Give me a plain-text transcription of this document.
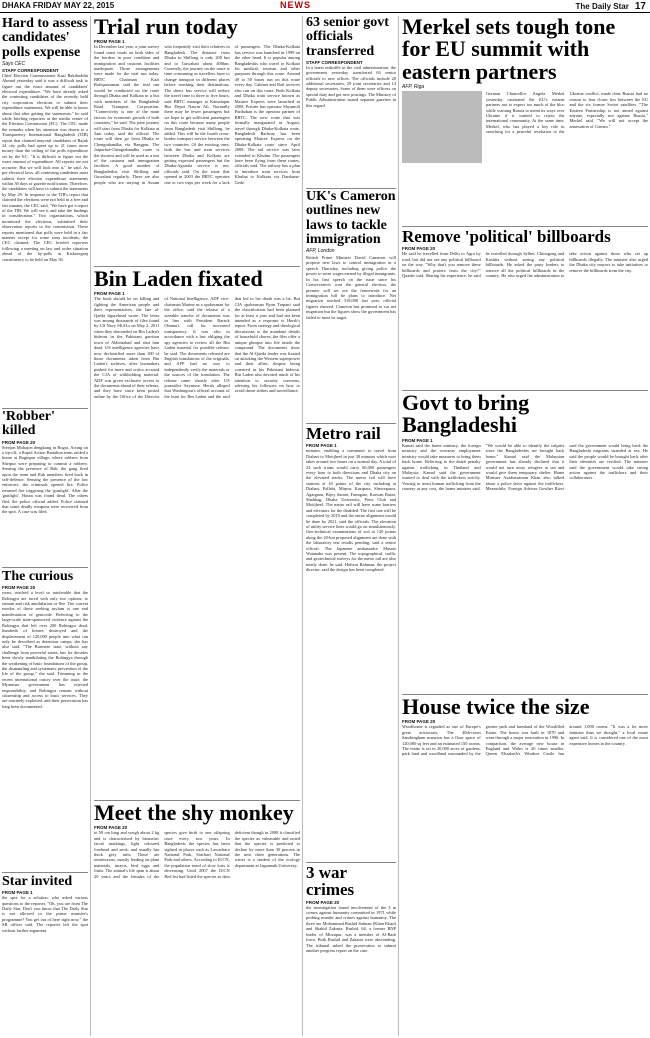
DHAKA FRIDAY MAY 22, 2015	NEWS	The Daily Star 17
Hard to assess candidates' polls expense
Says CEC
STAFF CORRESPONDENT
Chief Election Commissioner Kazi Rakibuddin Ahmad yesterday said it was a difficult task to figure out the exact amount of candidates' electoral expenditure. "We have already asked the contesting candidates of the recently held city corporation elections to submit their expenditure statements. We will be able to know about that after getting the statements," he said while briefing reporters at the media centre of the Election Commission (EC). The CEC made the remarks when his attention was drawn to a Transparency International Bangladesh (TIB) report that claimed mayoral candidates of Rajuk 24 city polls had spent up to 21 times more money than the ceiling of the polls expenditure set by the EC. "It is difficult to figure out the exact amount of expenditure. All reports are not accurate. But we will look into it," he said. As per electoral laws, all contesting candidates must submit their election expenditure statements within 30 days of gazette notification. Therefore, the candidates will have to submit the statements by May 29. In response to the TIB's report that claimed the elections were not held in a free and fair manner, the CEC said, "We have got a report of the TIB. We will see it and take the findings in consideration." Two organisations, which monitored the elections, submitted their observation reports to the commission. These reports mentioned that polls were held in a fair manner except for some stray incidents, the CEC claimed. The CEC briefed reporters following a meeting on law and order situation ahead of the by-polls in Kishoreganj constituency to be held on May 30.
'Robber' killed
FROM PAGE 20
Sreejon Mohajon dengkung in Bogra. Acting on a tip-off, a Rapid Action Battalion team raided a house at Raginpur village, where robbers from Sherpur were preparing to commit a robbery. Sensing the presence of Rab, the gang fired upon the team and Rab members fired back in self-defence. Sensing the presence of the law enforcers, the criminals opened fire. Police returned fire triggering the 'gunfight'. After the 'gunfight', Hasan was found dead. The others fled, the police official added. Police claimed that some deadly weapons were recovered from the spot. A case was filed.
The curious
FROM PAGE 20
years, reached a level so intolerable that the Rohingya are faced with only two options: to remain and risk annihilation or flee. The current exodus of those seeking asylum is one end manifestation of genocide. Referring to the large-scale state-sponsored violence against the Rohingya that left over 200 Rohingya dead, hundreds of homes destroyed and the displacement of 120,000 people into what can only be described as detention camps, she has also said. "The Burmese state, without any challenge from powerful states, has for decades been slowly annihilating the Rohingya through the weakening of basic foundations of the group, the dismantling and systematic prevention of the life of the group," she said. Trimming in the recent international outcry over the issue, the Myanmar government has rejected responsibility, and Rohingya remain without citizenship and access to basic services. They are routinely exploited, and their persecution has long been documented.
Star invited
FROM PAGE 1
the spot for a solution, who asked various questions to the reporter. "Oh, you are from The Daily Star. Don't you know that The Daily Star is not allowed in the prime minister's programme? You get out of here right now," the SB officer said. The reporter left the spot without further argument.
Trial run today
FROM PAGE 1
In December last year, a joint survey found some roads on both sides of the borders in poor condition and immigration and customs facilities inadequate. Those arrangements were made for the trial run today. BRTC Chairman Kazi Rafiquzzaman said the trial run would be conducted on the route through Dhaka and Kolkata in a bus with members of the Bangladesh Road Transport Corporation. "Connectivity is one of the main factors for economic growth of both countries," he said. The joint journey will start from Dhaka for Kolkata at 5am today, said the official. The route will then go from Dhaka to Chengrabandha via Rangpur. The Jaipurhat-Chengrabandha route is the shortest and will be used as a test of the customs and immigration facilities. A good number of Bangladeshis visit Shillong and Guwahati regularly. There are also people who are staying in Assam who frequently visit their relatives in Bangladesh. The distance from Dhaka to Shillong is only 200 km and to Guwahati about 400km. Currently, the journey on the route is time consuming as travellers have to change transport in different places before reaching their destinations. The direct bus service will reduce the travel time to three to five hours, said BRTC manager at Kamalapur Bus Depot Nasrin Ali. Normally there may be fewer passengers but we hope to get sufficient passengers on this route because many people from Bangladesh visit Shillong, he added. This will be the fourth cross-border transport service between the two countries. Of the existing ones, both the bus and train services between Dhaka and Kolkata are getting expected passengers but the Dhaka-Agartala service is not, officials said. On the route that opened in 2003 the BRTC operates one or two trips per week for a lack of passengers. The Dhaka-Kolkata bus service was launched in 1999 on the other hand. It is popular among Bangladeshis who travel to Kolkata for medical, tourism and other purposes through this route. Around 40 to 50 buses run on this route every day. Cabinet and Rail services also run on this route. Both Kolkata and Dhaka train service known as Maitree Express were launched in 2008. Private bus operator Shyamoli Paribahan is the operator partner of BRTC. The new route that was formally inaugurated in August, travel through Dhaka-Kolkata route. Bangladesh Railway has been operating Maitree Express on the Dhaka-Kolkata route since April 2008. The rail service was later extended to Khulna. The passengers have been flying from these routes, officials said. The railway has a plan to introduce train services from Khulna to Kolkata via Darshana-Gede.
Bin Laden fixated
FROM PAGE 1
The book should be on killing and fighting the American people and their representatives, the late al-Qaeda figurehead wrote. The letter was among thousands of files found by US Navy SEALs on May 2, 2011 when they descended on Bin Laden's hideout in the Pakistani garrison town of Abbottabad and shot him dead. US intelligence agencies have now declassified more than 100 of those documents taken from Bin Laden's archives, after lawmakers pushed for more and critics accused the CIA of withholding material. ADF was given exclusive access to the documents ahead of their release, and they have since been posted online by the Office of the Director of National Intelligence. ADF vice-chairman Marine as a spokesman for the office, said the release of a sizeable tranche of documents was in line with President Barack Obama's call for increased transparency. It was also in accordance with a law obliging the spy agencies to review all the Bin Laden material for possible release, he said. The documents released are English translations of the originals, and AFP had no way to independently verify the materials or the sources of the translation. The release came shortly after US journalist Seymour Hersh alleged that Washington's official account of the hunt for Bin Laden and the raid that led to his death was a lie. But CIA spokesman Ryan Trapani said the classification had been planned for at least a year and had not been intended as a response to Hersh's report. From strategy and theological discussions to the mundane details of household chores, the files offer a unique glimpse into life inside the compound. The documents show that the Al-Qaeda leader was fixated on attacking the Western superpower and their allies, despite being cornered in his Pakistani hideout. Bin Laden also devoted much of his attention to security concerns, advising his followers on how to avoid drone strikes and surveillance.
Meet the shy monkey
FROM PAGE 20
to 59 cm long and weigh about 2 kg and is characterised by biometric facial markings, light coloured forehead and neck, and usually has thick grey tufts. These are omnivorous, mostly feeding on plant materials, insects, bird eggs and fruits. The animal's life span is about 20 years and the females of the species give birth to one offspring once every two years. In Bangladesh, the species has been sighted in places such as Lawachara National Park, Satchari National Park and others. According to IUCN, the population trend of slow loris is decreasing. Until 2007 the IUCN Red list had listed the species as data deficient though in 2008 it classified the species as vulnerable and noted that the species is predicted to decline by more than 30 percent in the next three generations. The writer is a student of the ecology department at Jagannath University.
63 senior govt officials transferred
STAFF CORRESPONDENT
In a latest reshuffle in the civil administration, the government yesterday transferred 63 senior officials to new offices. The officials include 20 additional secretaries, 29 joint secretaries and 14 deputy secretaries. Some of them were officers on special duty and got new postings. The Ministry of Public Administration issued separate gazettes in this regard.
UK's Cameron outlines new laws to tackle immigration
AFP, London
British Prime Minister David Cameron will propose new laws to control immigration in a speech Thursday, including giving police the power to seize wages earned by illegal immigrants. In his first speech on the issue since his Conservatives won the general election, the premier will set out the framework for an immigration bill he plans to introduce. Net migration reached 318,000 last year, official figures showed. Cameron has promised to cut net migration but the figures show the government has failed to meet its target.
Metro rail
FROM PAGE 1
minutes, enabling a commuter to travel from Diabari to Motijheel in just 38 minutes which now takes around two hours on a normal day. A total of 24 such trains would carry 60,000 passengers every hour to both directions and Dhaka city on the elevated tracks. The metro rail will have stations at 16 points of the city including at Diabari, Pallabi, Mirpur, Kazipara, Shewrapara, Agargaon, Bijoy Sarani, Farmgate, Karwan Bazar, Shahbag, Dhaka University, Press Club and Motijheel. The metro rail will have some barriers and elevators for the disabled. The first one will be completed by 2019 and the entire alignment would be done by 2021, said the officials. The elevation of utility service lines would go on simultaneously. Geo-technical examinations of soil at 120 points along the 20-km proposed alignment are done with the laboratory test results pending, said a senior official. The Japanese ambassador Masato Watanabe was present. The topographical, traffic and geotechnical surveys for the metro rail are also nearly done, he said. Hafizur Rahman, the project director, said the design has been completed.
3 war crimes
FROM PAGE 20
the investigation found involvement of the 3 in crimes against humanity committed in 1971 while probing murder and crimes against humanity. The three are Mohammad Rashid Salman (Khan Khan) and Shahid Zakaria. Rashid, 64, a former BNP leader of Mirzapur, was a member of Al-Badr force. Both Rashid and Zakaria were absconding. The tribunal asked the prosecution to submit another progress report on the case.
Merkel sets tough tone for EU summit with eastern partners
AFP, Riga
German Chancellor Angela Merkel yesterday cautioned the EU's eastern partners not to expect too much of the bloc while warning Russia to mend its ways over Ukraine if it wanted to rejoin the international community. At the same time, Merkel, who has played a key role in searching for a peaceful resolution to the Ukraine conflict, made clear Russia had no reason to fear closer ties between the EU and the six former Soviet satellites. "The Eastern Partnership is not aimed against anyone, especially not against Russia," Merkel said. "We will not accept the annexation of Crimea."
Remove 'political' billboards
FROM PAGE 20
He said he travelled from Delhi to Agra by road, but did not see any political billboard on the way. "Why don't you remove these billboards and posters from the city?" Quader said. Sharing his experience, he said he travelled through Sylhet, Chittagong and Kushtia without seeing any political billboards. He asked the party leaders to remove all the political billboards in the country. He also urged the administration to take action against those who set up billboards illegally. The minister also urged the Dhaka city mayors to take initiatives to remove the billboards from the city.
Govt to bring Bangladeshi
FROM PAGE 1
Kamal said the home ministry, the foreign ministry and the overseas employment ministry would take measures to bring them back home. Referring to the death penalty against trafficking in Thailand and Malaysia, Kamal said the government wanted to deal with the traffickers strictly. Vowing to resist human trafficking from the country at any cost, the home minister said, "We would be able to identify the culprits since the Bangladeshis are brought back home." Kamal said the Malaysian government has already declared that it would not turn away refugees at sea and would give them temporary shelter. Home Minister Asaduzzaman Khan also talked about a police drive against the traffickers. Meanwhile, Foreign Adviser Gowher Rizvi said the government would bring back the Bangladeshi migrants stranded at sea. He said the people would be brought back after their identities are verified. The minister said the government would take strong action against the traffickers and their collaborators.
House twice the size
FROM PAGE 20
Woodhouse is regarded as one of Europe's great aristocrats. The 40th-room Sandringham mansion has a floor space of 120,000 sq feet and an estimated 150 rooms. The estate is set in 20,000 acres of gardens, park land and woodland surrounded by the greater park and farmland of the Woodfiled Estate. The house was built in 1870 and went through a major renovation in 1996. In comparison, the average new house in England and Wales is 20 times smaller. Queen Elizabeth's Windsor Castle has around 1,000 rooms. "It was a lot more intimate than we thought," a local estate agent said. It is considered one of the most expensive homes in the country.
